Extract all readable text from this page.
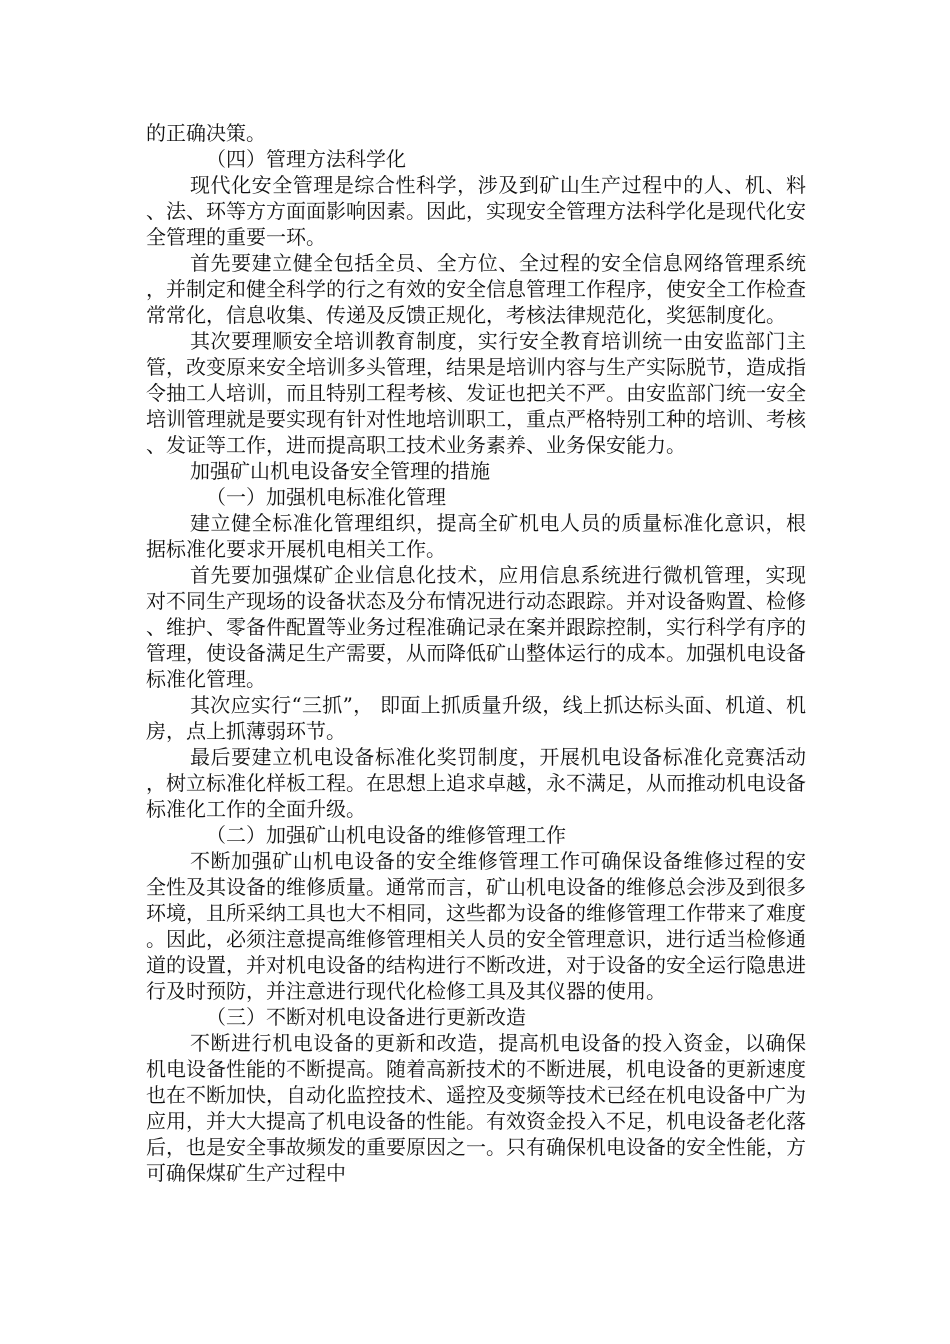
的正确决策。

（四）管理方法科学化

现代化安全管理是综合性科学，涉及到矿山生产过程中的人、机、料、法、环等方方面面影响因素。因此，实现安全管理方法科学化是现代化安全管理的重要一环。

首先要建立健全包括全员、全方位、全过程的安全信息网络管理系统，并制定和健全科学的行之有效的安全信息管理工作程序，使安全工作检查常常化，信息收集、传递及反馈正规化，考核法律规范化，奖惩制度化。

其次要理顺安全培训教育制度，实行安全教育培训统一由安监部门主管，改变原来安全培训多头管理，结果是培训内容与生产实际脱节，造成指令抽工人培训，而且特别工程考核、发证也把关不严。由安监部门统一安全培训管理就是要实现有针对性地培训职工，重点严格特别工种的培训、考核、发证等工作，进而提高职工技术业务素养、业务保安能力。

加强矿山机电设备安全管理的措施

（一）加强机电标准化管理

建立健全标准化管理组织，提高全矿机电人员的质量标准化意识，根据标准化要求开展机电相关工作。

首先要加强煤矿企业信息化技术，应用信息系统进行微机管理，实现对不同生产现场的设备状态及分布情况进行动态跟踪。并对设备购置、检修、维护、零备件配置等业务过程准确记录在案并跟踪控制，实行科学有序的管理，使设备满足生产需要，从而降低矿山整体运行的成本。加强机电设备标准化管理。

其次应实行“三抓”， 即面上抓质量升级，线上抓达标头面、机道、机房，点上抓薄弱环节。

最后要建立机电设备标准化奖罚制度，开展机电设备标准化竞赛活动，树立标准化样板工程。在思想上追求卓越，永不满足，从而推动机电设备标准化工作的全面升级。

（二）加强矿山机电设备的维修管理工作

不断加强矿山机电设备的安全维修管理工作可确保设备维修过程的安全性及其设备的维修质量。通常而言，矿山机电设备的维修总会涉及到很多环境，且所采纳工具也大不相同，这些都为设备的维修管理工作带来了难度。因此，必须注意提高维修管理相关人员的安全管理意识，进行适当检修通道的设置，并对机电设备的结构进行不断改进，对于设备的安全运行隐患进行及时预防，并注意进行现代化检修工具及其仪器的使用。

（三）不断对机电设备进行更新改造

不断进行机电设备的更新和改造，提高机电设备的投入资金，以确保机电设备性能的不断提高。随着高新技术的不断进展，机电设备的更新速度也在不断加快，自动化监控技术、遥控及变频等技术已经在机电设备中广为应用，并大大提高了机电设备的性能。有效资金投入不足，机电设备老化落后，也是安全事故频发的重要原因之一。只有确保机电设备的安全性能，方可确保煤矿生产过程中
